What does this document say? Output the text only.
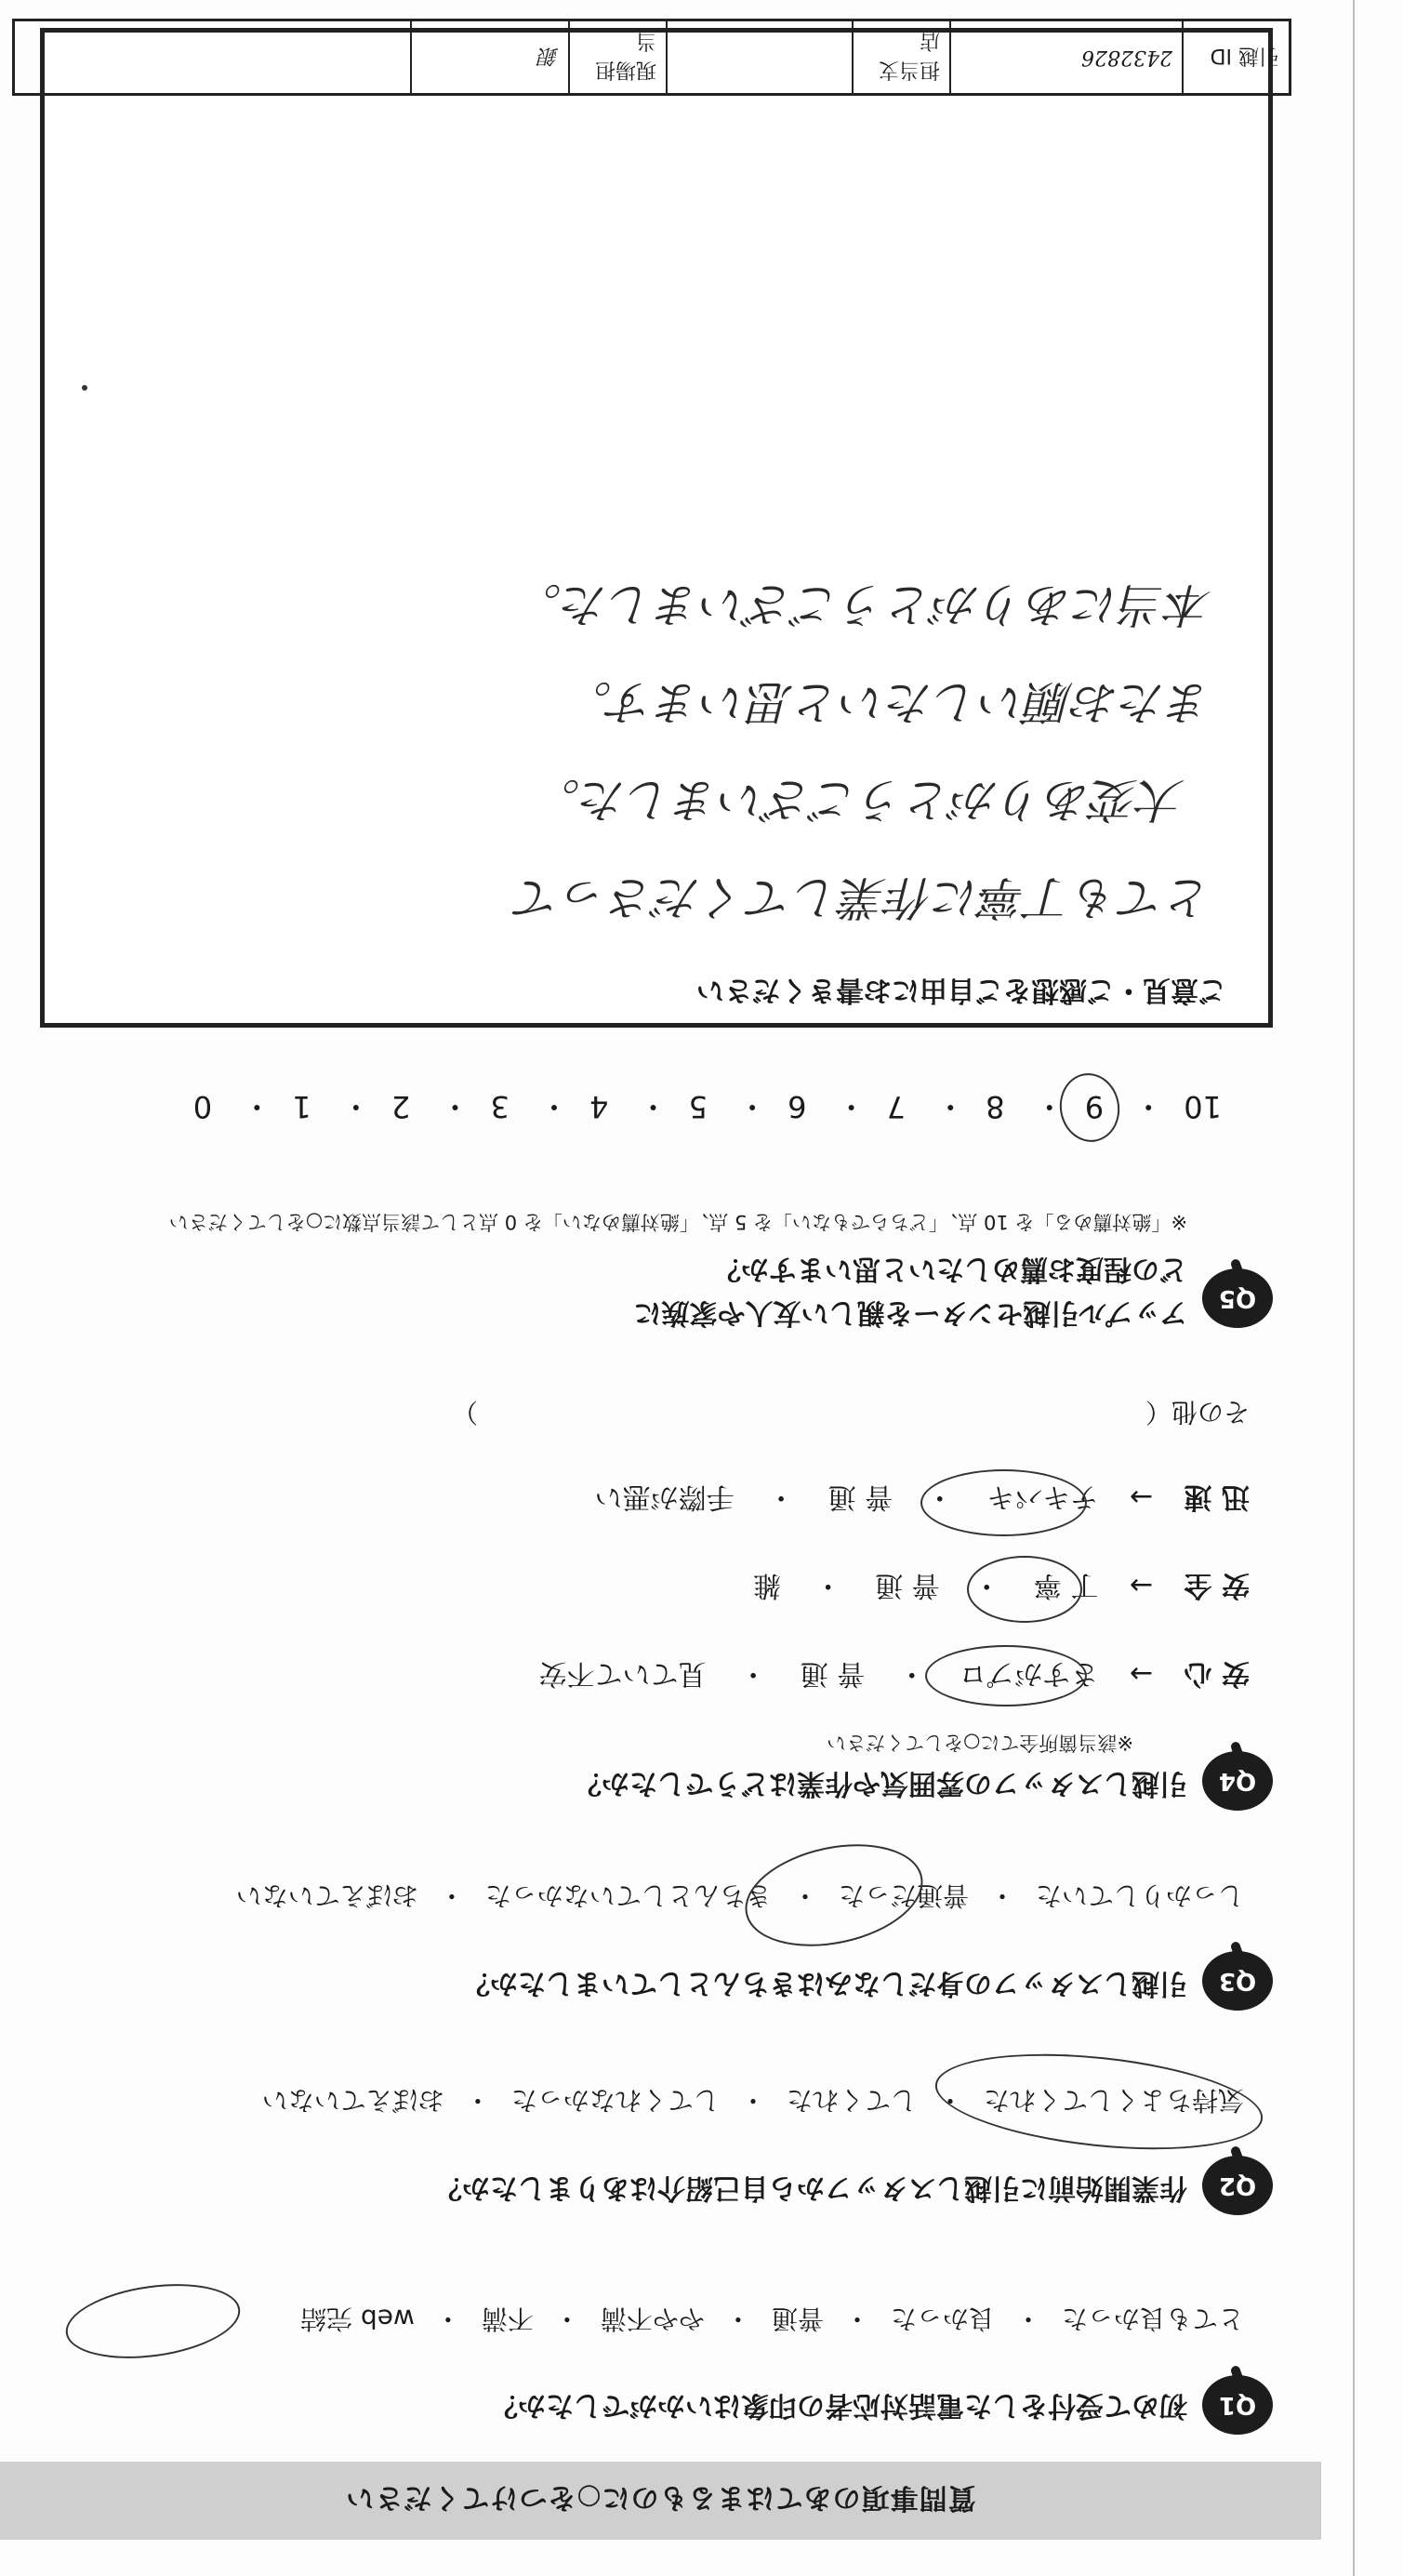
質問事項のあてはまるものに○をつけてください
Q1
初めて受付をした電話対応者の印象はいかがでしたか？
とても良かった
・
良かった
・
普通
・
やや不満
・
不満
・
web 完結
Q2
作業開始前に引越しスタッフから自己紹介はありましたか？
気持ちよくしてくれた
・
してくれた
・
してくれなかった
・
おぼえていない
Q3
引越しスタッフの身だしなみはきちんとしていましたか？
しっかりしていた
・
普通だった
・
きちんとしていなかった
・
おぼえていない
Q4
引越しスタッフの雰囲気や作業はどうでしたか？
※該当箇所全てに○をしてください
安 心 → さすがプロ ・ 普 通 ・ 見ていて不安
安 全 → 丁 寧 ・ 普 通 ・ 雑
迅 速 → テキパキ ・ 普 通 ・ 手際が悪い
その他（  ）
Q5
アップル引越センターを親しい友人や家族に
どの程度お薦めしたいと思いますか？
※「絶対薦める」を 10 点、「どちらでもない」を 5 点、「絶対薦めない」を 0 点として該当点数に○をしてください
10・ 9・ 8・ 7・ 6・ 5・ 4・ 3・ 2・ 1・ 0
ご意見・ご感想をご自由にお書きください
とても丁寧に作業してくださって
大変ありがとうございました。
またお願いしたいと思います。
本当にありがとうございました。
引越 ID
2432826
担当支店
現場担当
銀
